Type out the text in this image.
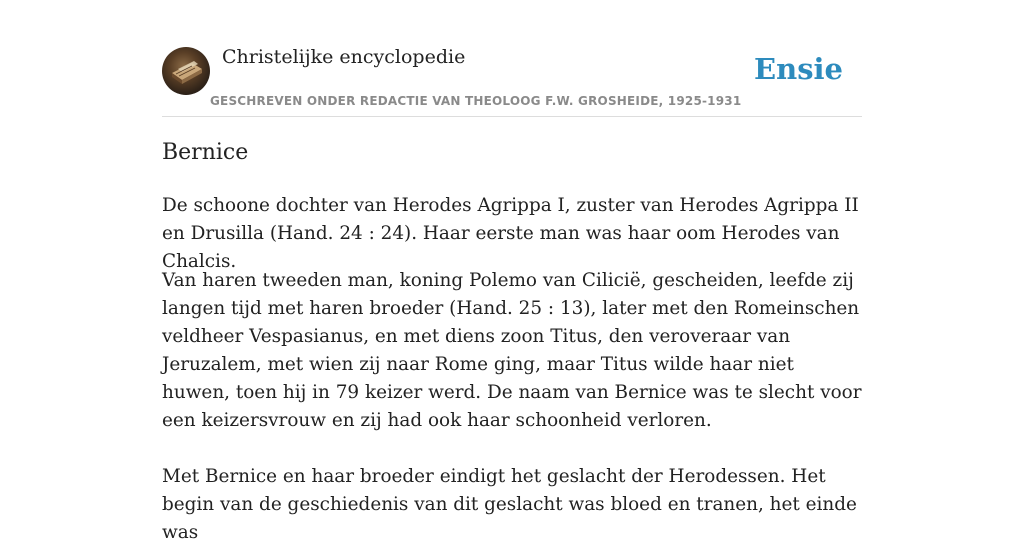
Christelijke encyclopedie
GESCHREVEN ONDER REDACTIE VAN THEOLOOG F.W. GROSHEIDE, 1925-1931
Ensie
Bernice

De schoone dochter van Herodes Agrippa I, zuster van Herodes Agrippa II en Drusilla (Hand. 24 : 24). Haar eerste man was haar oom Herodes van Chalcis.

Van haren tweeden man, koning Polemo van Cilicië, gescheiden, leefde zij langen tijd met haren broeder (Hand. 25 : 13), later met den Romeinschen veldheer Vespasianus, en met diens zoon Titus, den veroveraar van Jeruzalem, met wien zij naar Rome ging, maar Titus wilde haar niet huwen, toen hij in 79 keizer werd. De naam van Bernice was te slecht voor een keizersvrouw en zij had ook haar schoonheid verloren.

Met Bernice en haar broeder eindigt het geslacht der Herodessen. Het begin van de geschiedenis van dit geslacht was bloed en tranen, het einde was
